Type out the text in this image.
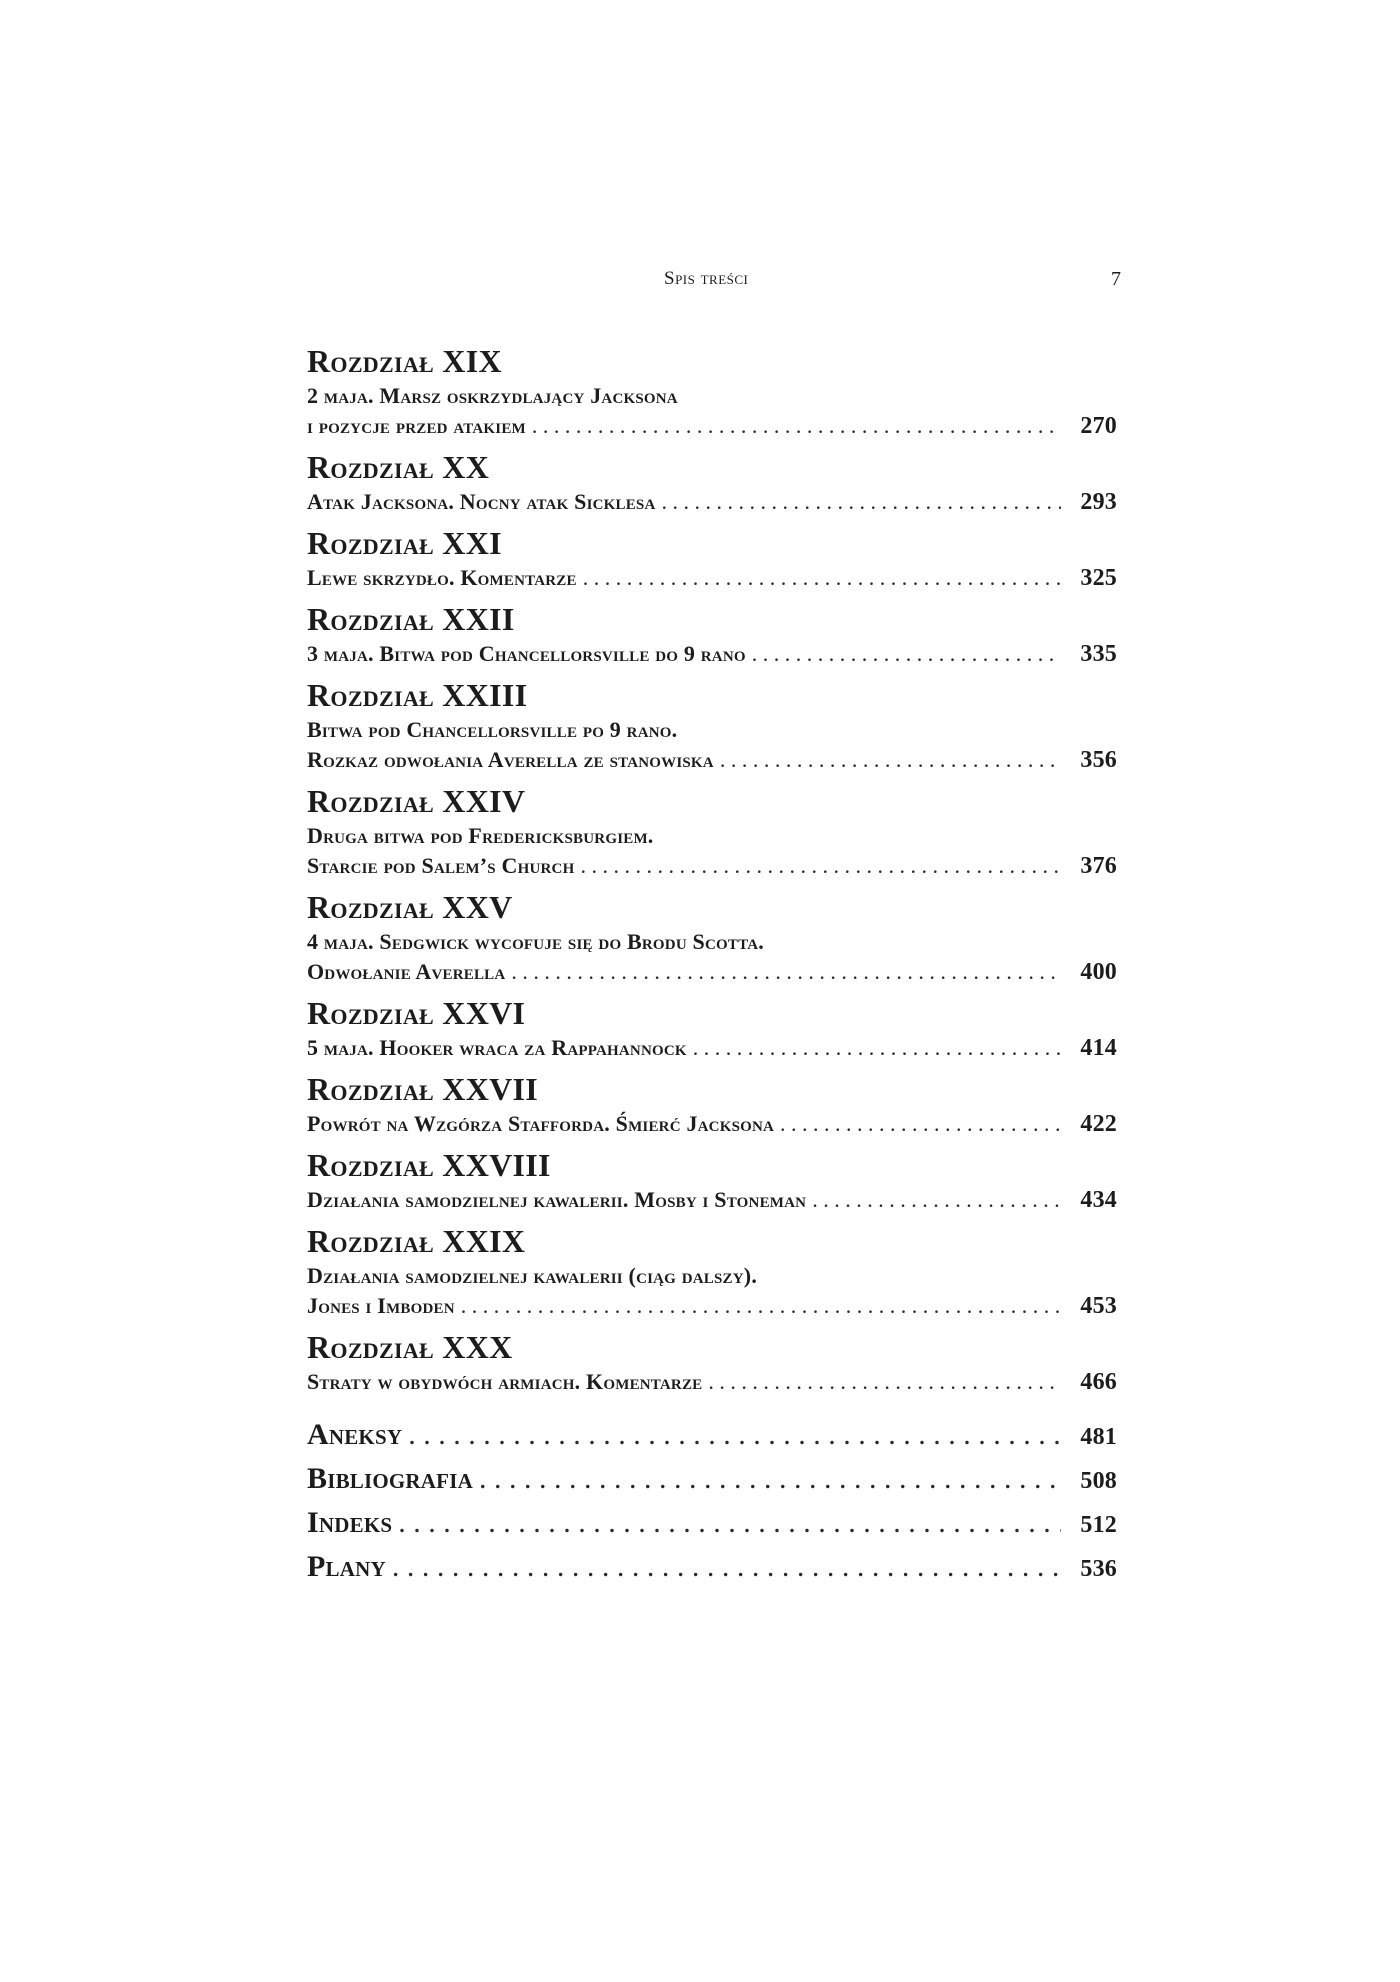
Spis treści	7
Rozdział XIX
2 maja. Marsz oskrzydlający Jacksona
i pozycje przed atakiem . . .	270
Rozdział XX
Atak Jacksona. Nocny atak Sicklesa . . .	293
Rozdział XXI
Lewe skrzydło. Komentarze . . .	325
Rozdział XXII
3 maja. Bitwa pod Chancellorsville do 9 rano . . .	335
Rozdział XXIII
Bitwa pod Chancellorsville po 9 rano.
Rozkaz odwołania Averella ze stanowiska . . .	356
Rozdział XXIV
Druga bitwa pod Fredericksburgiem.
Starcie pod Salem’s Church . . .	376
Rozdział XXV
4 maja. Sedgwick wycofuje się do Brodu Scotta.
Odwołanie Averella . . .	400
Rozdział XXVI
5 maja. Hooker wraca za Rappahannock . . .	414
Rozdział XXVII
Powrót na Wzgórza Stafforda. Śmierć Jacksona . . .	422
Rozdział XXVIII
Działania samodzielnej kawalerii. Mosby i Stoneman . . .	434
Rozdział XXIX
Działania samodzielnej kawalerii (ciąg dalszy).
Jones i Imboden . . .	453
Rozdział XXX
Straty w obydwóch armiach. Komentarze . . .	466
Aneksy . . .	481
Bibliografia . . .	508
Indeks . . .	512
Plany . . .	536
